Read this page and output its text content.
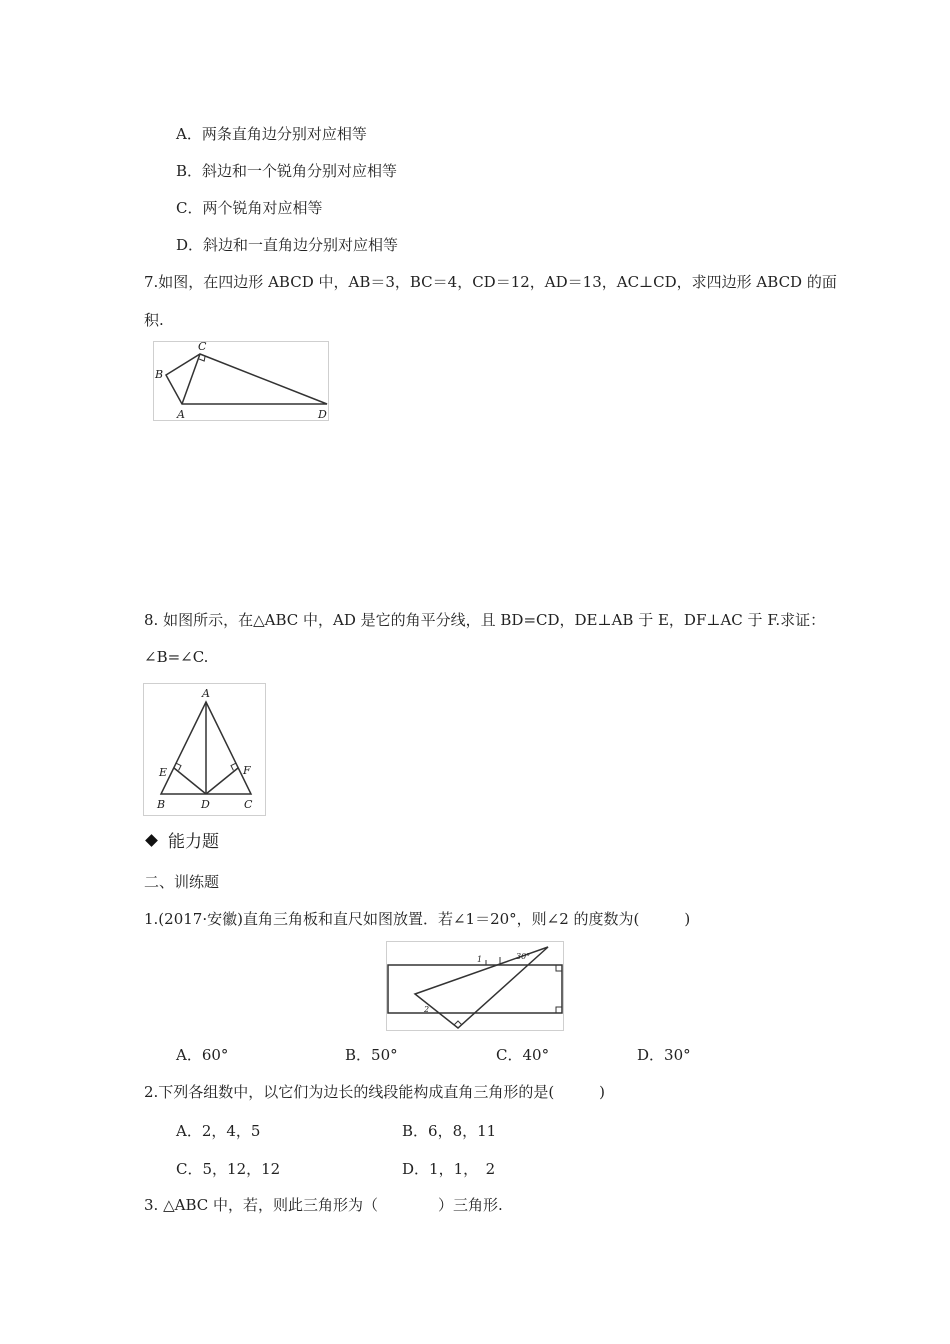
A．两条直角边分别对应相等
B．斜边和一个锐角分别对应相等
C．两个锐角对应相等
D．斜边和一直角边分别对应相等
7.如图，在四边形 ABCD 中，AB＝3，BC＝4，CD＝12，AD＝13，AC⊥CD，求四边形 ABCD 的面
积.
C
B
A	D
8. 如图所示，在△ABC 中，AD 是它的角平分线，且 BD=CD，DE⊥AB 于 E，DF⊥AC 于 F.求证：
∠B=∠C.
A
E	F
B	D	C
能力题
二、训练题
1.(2017·安徽)直角三角板和直尺如图放置．若∠1＝20°，则∠2 的度数为(　　　)
1
2
30°
A．60°	B．50°	C．40°	D．30°
2.下列各组数中，以它们为边长的线段能构成直角三角形的是(　　　)
A．2，4，5	B．6，8，11
C．5，12，12	D．1，1，　2
3. △ABC 中，若，则此三角形为（　　　　）三角形.
